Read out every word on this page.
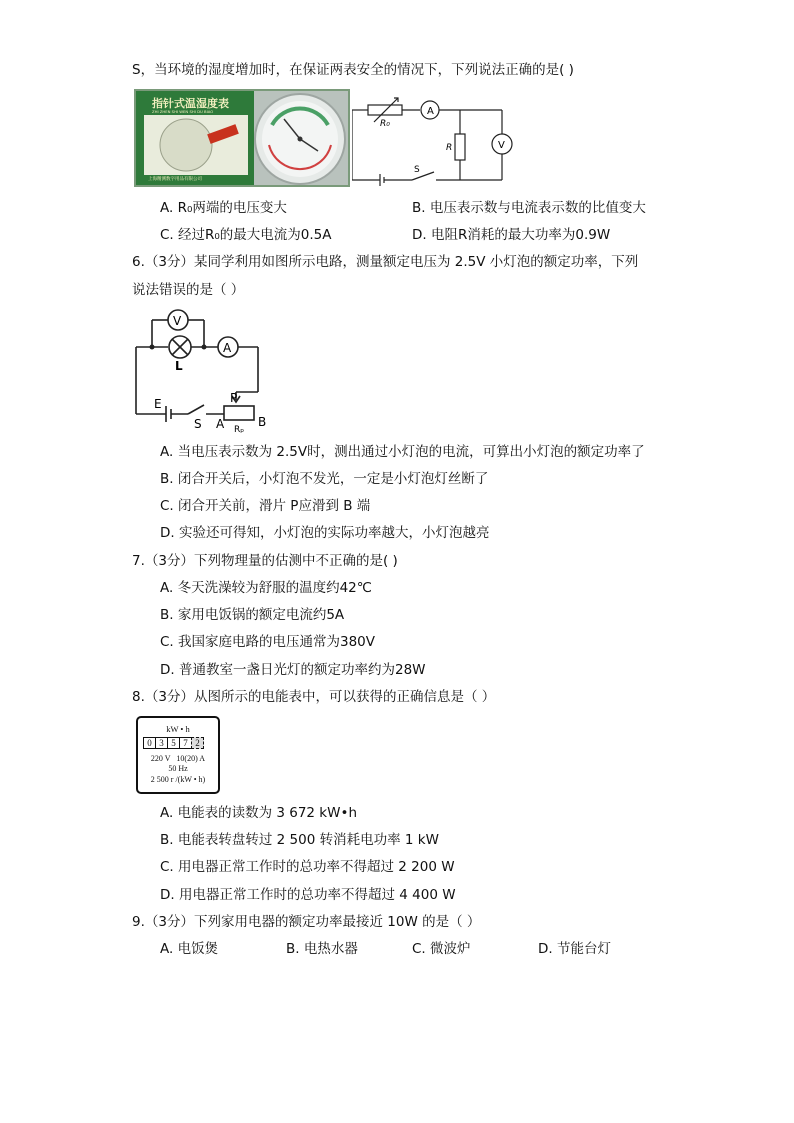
S，当环境的湿度增加时，在保证两表安全的情况下，下列说法正确的是( )
指针式温湿度表
ZHI ZHEN SHI WEN SHI DU BIAO
上海精测数字用品有限公司
A
V
R₀
R
S
A. R₀两端的电压变大	B. 电压表示数与电流表示数的比值变大
C. 经过R₀的最大电流为0.5A	D. 电阻R消耗的最大功率为0.9W
6.（3分）某同学利用如图所示电路，测量额定电压为 2.5V 小灯泡的额定功率，下列
说法错误的是（ ）
V
A
L
E
S
P
A	B
Rₚ
A. 当电压表示数为 2.5V时，测出通过小灯泡的电流，可算出小灯泡的额定功率了
B. 闭合开关后，小灯泡不发光，一定是小灯泡灯丝断了
C. 闭合开关前，滑片 P应滑到 B 端
D. 实验还可得知，小灯泡的实际功率越大，小灯泡越亮
7.（3分）下列物理量的估测中不正确的是( )
A. 冬天洗澡较为舒服的温度约42℃
B. 家用电饭锅的额定电流约5A
C. 我国家庭电路的电压通常为380V
D. 普通教室一盏日光灯的额定功率约为28W
8.（3分）从图所示的电能表中，可以获得的正确信息是（ ）
kW • h
0 3 5 7 2
220 V   10(20) A
50 Hz
2 500 r /(kW • h)
A. 电能表的读数为 3 672 kW•h
B. 电能表转盘转过 2 500 转消耗电功率 1 kW
C. 用电器正常工作时的总功率不得超过 2 200 W
D. 用电器正常工作时的总功率不得超过 4 400 W
9.（3分）下列家用电器的额定功率最接近 10W 的是（ ）
A. 电饭煲	B. 电热水器	C. 微波炉	D. 节能台灯
